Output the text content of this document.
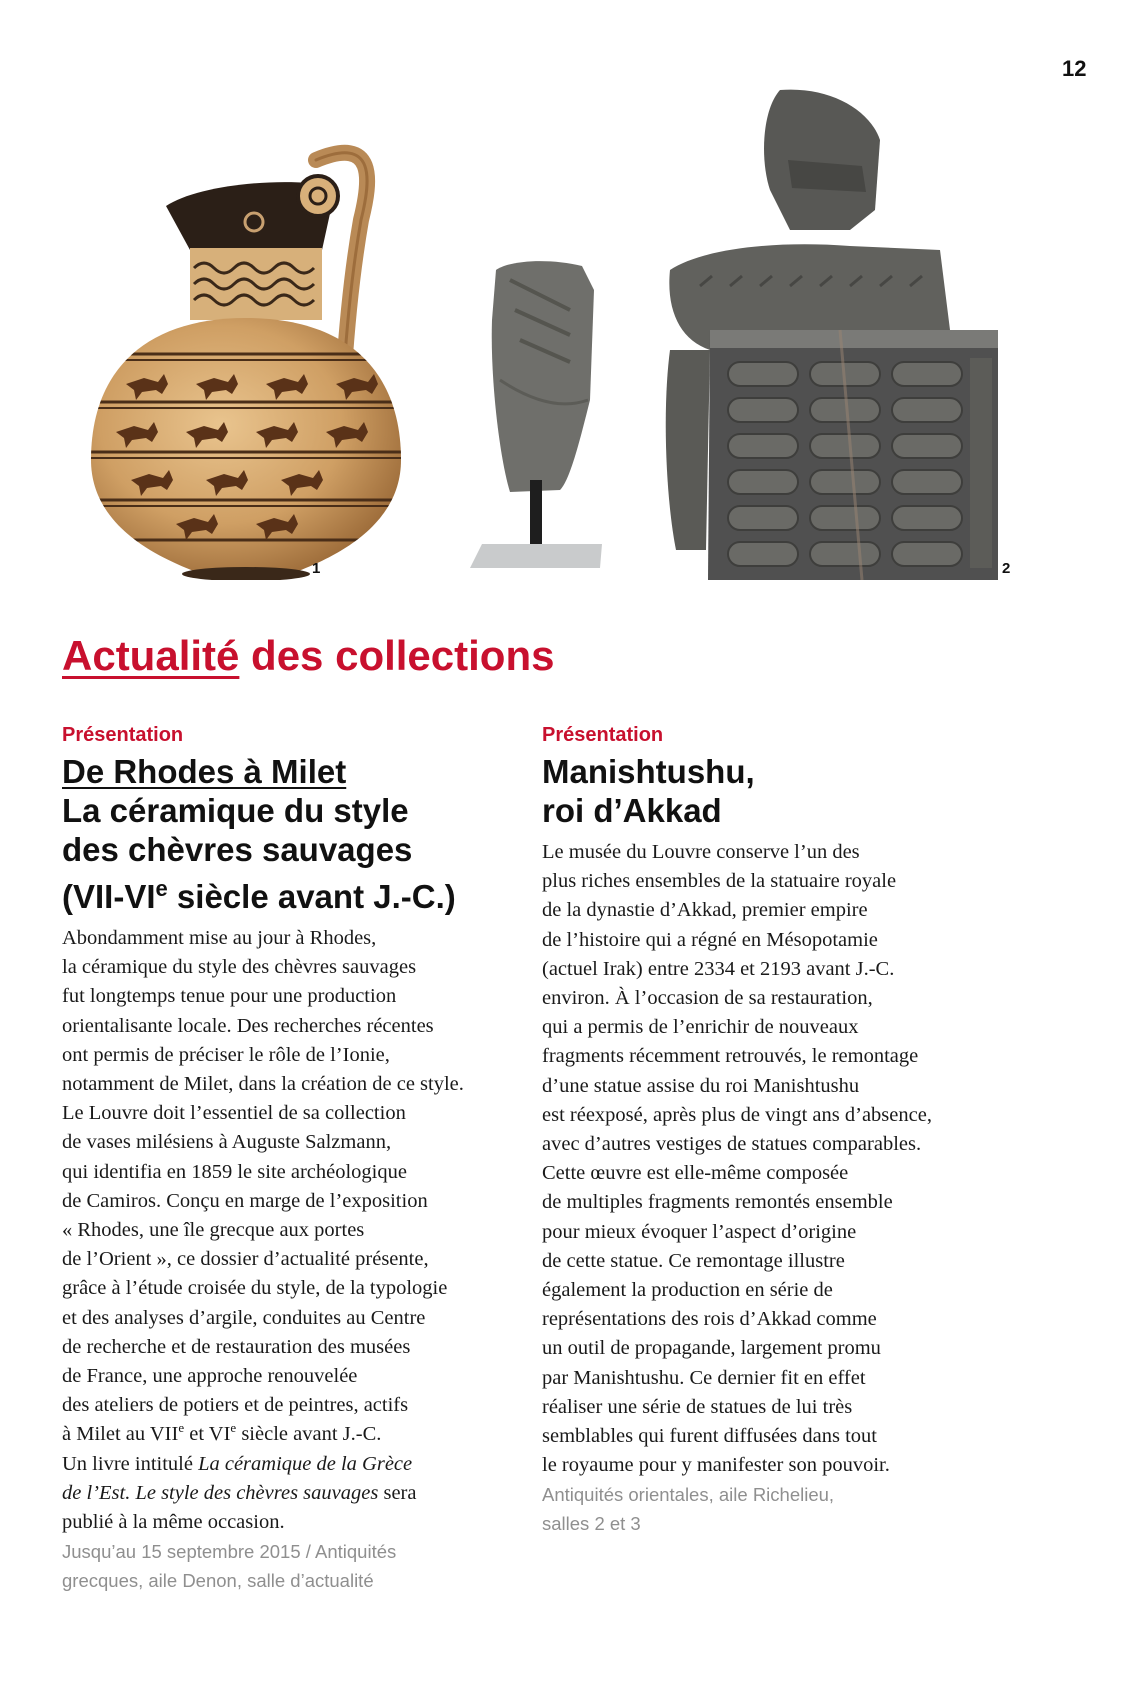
12
1	2
Actualité des collections
Présentation
De Rhodes à Milet
La céramique du style
des chèvres sauvages
(VII-VIe siècle avant J.-C.)
Abondamment mise au jour à Rhodes,
la céramique du style des chèvres sauvages
fut longtemps tenue pour une production
orientalisante locale. Des recherches récentes
ont permis de préciser le rôle de l’Ionie,
notamment de Milet, dans la création de ce style.
Le Louvre doit l’essentiel de sa collection
de vases milésiens à Auguste Salzmann,
qui identifia en 1859 le site archéologique
de Camiros. Conçu en marge de l’exposition
« Rhodes, une île grecque aux portes
de l’Orient », ce dossier d’actualité présente,
grâce à l’étude croisée du style, de la typologie
et des analyses d’argile, conduites au Centre
de recherche et de restauration des musées
de France, une approche renouvelée
des ateliers de potiers et de peintres, actifs
à Milet au VIIe et VIe siècle avant J.-C.
Un livre intitulé La céramique de la Grèce
de l’Est. Le style des chèvres sauvages sera
publié à la même occasion.
Jusqu’au 15 septembre 2015 / Antiquités
grecques, aile Denon, salle d’actualité
Présentation
Manishtushu,
roi d’Akkad
Le musée du Louvre conserve l’un des
plus riches ensembles de la statuaire royale
de la dynastie d’Akkad, premier empire
de l’histoire qui a régné en Mésopotamie
(actuel Irak) entre 2334 et 2193 avant J.-C.
environ. À l’occasion de sa restauration,
qui a permis de l’enrichir de nouveaux
fragments récemment retrouvés, le remontage
d’une statue assise du roi Manishtushu
est réexposé, après plus de vingt ans d’absence,
avec d’autres vestiges de statues comparables.
Cette œuvre est elle-même composée
de multiples fragments remontés ensemble
pour mieux évoquer l’aspect d’origine
de cette statue. Ce remontage illustre
également la production en série de
représentations des rois d’Akkad comme
un outil de propagande, largement promu
par Manishtushu. Ce dernier fit en effet
réaliser une série de statues de lui très
semblables qui furent diffusées dans tout
le royaume pour y manifester son pouvoir.
Antiquités orientales, aile Richelieu,
salles 2 et 3
